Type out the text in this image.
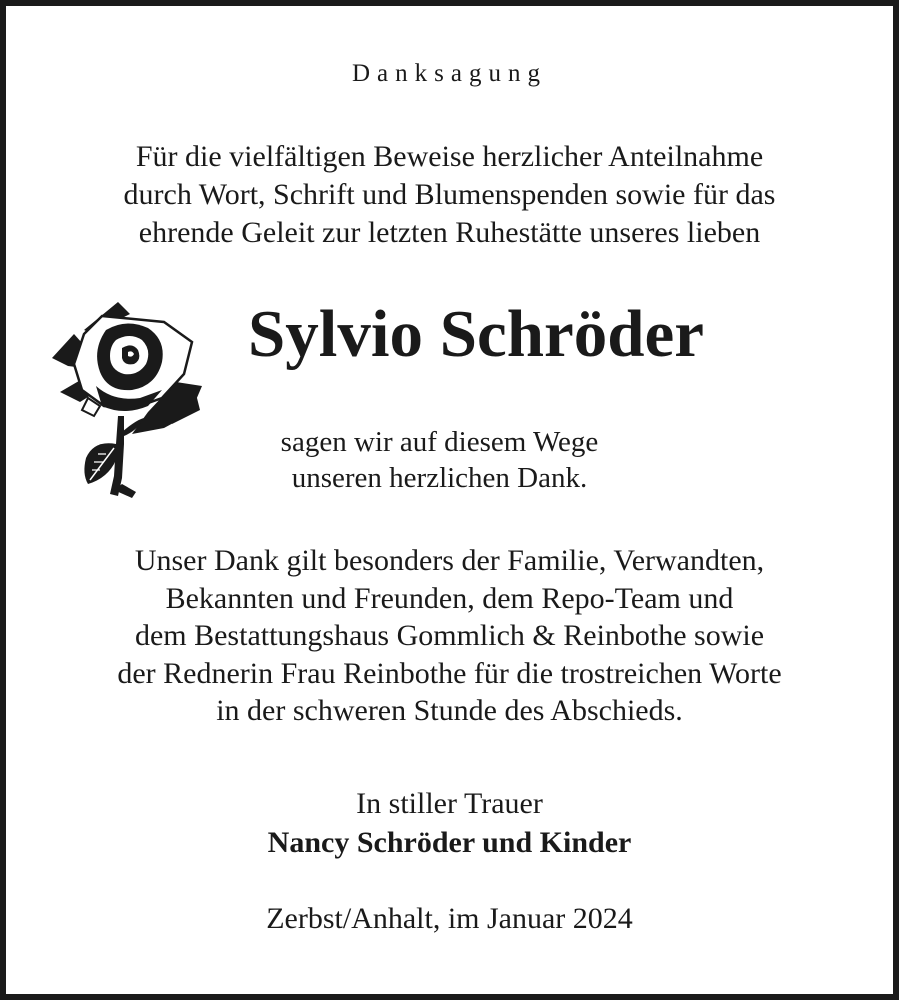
Danksagung
Für die vielfältigen Beweise herzlicher Anteilnahme
durch Wort, Schrift und Blumenspenden sowie für das
ehrende Geleit zur letzten Ruhestätte unseres lieben
Sylvio Schröder
sagen wir auf diesem Wege
unseren herzlichen Dank.
Unser Dank gilt besonders der Familie, Verwandten,
Bekannten und Freunden, dem Repo-Team und
dem Bestattungshaus Gommlich & Reinbothe sowie
der Rednerin Frau Reinbothe für die trostreichen Worte
in der schweren Stunde des Abschieds.
In stiller Trauer
Nancy Schröder und Kinder
Zerbst/Anhalt, im Januar 2024
